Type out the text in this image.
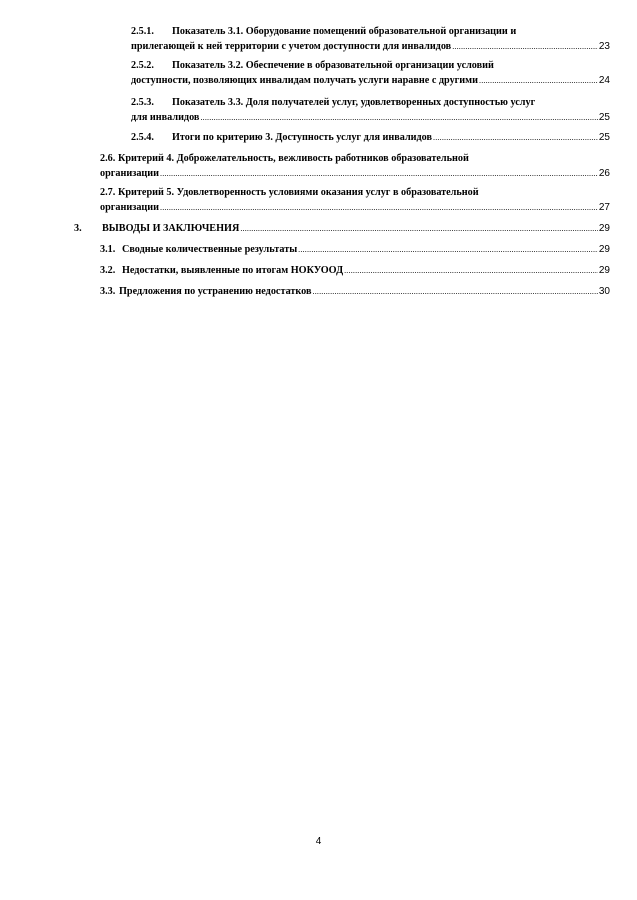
2.5.1. Показатель 3.1. Оборудование помещений образовательной организации и
прилегающей к ней территории с учетом доступности для инвалидов .....	23
2.5.2. Показатель 3.2. Обеспечение в образовательной организации условий
доступности, позволяющих инвалидам получать услуги наравне с другими .....	24
2.5.3. Показатель 3.3. Доля получателей услуг, удовлетворенных доступностью услуг
для инвалидов .....	25
2.5.4.	Итоги по критерию 3. Доступность услуг для инвалидов .....	25
2.6. Критерий 4. Доброжелательность, вежливость работников образовательной
организации .....	26
2.7. Критерий 5. Удовлетворенность условиями оказания услуг в образовательной
организации .....	27
3.	ВЫВОДЫ И ЗАКЛЮЧЕНИЯ .....	29
3.1. Сводные количественные результаты .....	29
3.2. Недостатки, выявленные по итогам НОКУООД .....	29
3.3. Предложения по устранению недостатков .....	30
4
